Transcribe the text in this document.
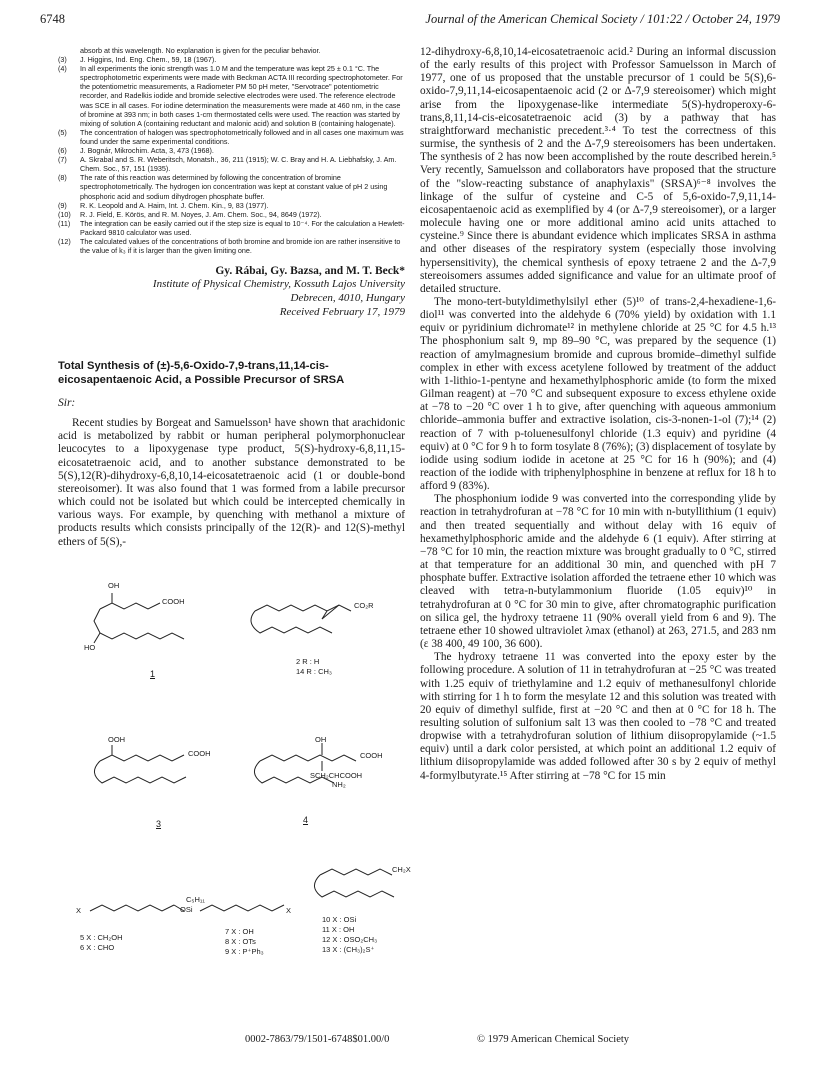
6748	Journal of the American Chemical Society / 101:22 / October 24, 1979

absorb at this wavelength. No explanation is given for the peculiar behavior.

(3) J. Higgins, Ind. Eng. Chem., 59, 18 (1967).

(4) In all experiments the ionic strength was 1.0 M and the temperature was kept 25 ± 0.1 °C. The spectrophotometric experiments were made with Beckman ACTA III recording spectrophotometer. For the potentiometric measurements, a Radiometer PM 50 pH meter, "Servotrace" potentiometric recorder, and Radelkis iodide and bromide selective electrodes were used. The reference electrode was SCE in all cases. For iodine determination the measurements were made at 460 nm, in the case of bromine at 393 nm; in both cases 1-cm thermostated cells were used. The reaction was started by mixing of solution A (containing reductant and malonic acid) and solution B (containing halogenate).

(5) The concentration of halogen was spectrophotometrically followed and in all cases one maximum was found under the same experimental conditions.

(6) J. Bognár, Mikrochim. Acta, 3, 473 (1968).

(7) A. Skrabal and S. R. Weberitsch, Monatsh., 36, 211 (1915); W. C. Bray and H. A. Liebhafsky, J. Am. Chem. Soc., 57, 151 (1935).

(8) The rate of this reaction was determined by following the concentration of bromine spectrophotometrically. The hydrogen ion concentration was kept at constant value of pH 2 using phosphoric acid and sodium dihydrogen phosphate buffer.

(9) R. K. Leopold and A. Haim, Int. J. Chem. Kin., 9, 83 (1977).

(10) R. J. Field, E. Körös, and R. M. Noyes, J. Am. Chem. Soc., 94, 8649 (1972).

(11) The integration can be easily carried out if the step size is equal to 10⁻⁴. For the calculation a Hewlett-Packard 9810 calculator was used.

(12) The calculated values of the concentrations of both bromine and bromide ion are rather insensitive to the value of k₃ if it is larger than the given limiting one.

Gy. Rábai, Gy. Bazsa, and M. T. Beck*
Institute of Physical Chemistry, Kossuth Lajos University
Debrecen, 4010, Hungary
Received February 17, 1979
Total Synthesis of (±)-5,6-Oxido-7,9-trans,11,14-cis-eicosapentaenoic Acid, a Possible Precursor of SRSA
Sir:

Recent studies by Borgeat and Samuelsson¹ have shown that arachidonic acid is metabolized by rabbit or human peripheral polymorphonuclear leucocytes to a lipoxygenase type product, 5(S)-hydroxy-6,8,11,15-eicosatetraenoic acid, and to another substance demonstrated to be 5(S),12(R)-dihydroxy-6,8,10,14-eicosatetraenoic acid (1 or double-bond stereoisomer). It was also found that 1 was formed from a labile precursor which could not be isolated but which could be intercepted chemically in various ways. For example, by quenching with methanol a mixture of products results which consists principally of the 12(R)- and 12(S)-methyl ethers of 5(S),-

OH
COOH
HO
1
CO₂R
2 R : H
14 R : CH₃
OOH
COOH
3
OH
COOH
SCH₂CHCOOH
NH₂
4
X	OSi
5 X : CH₂OH
6 X : CHO
C₅H₁₁
X
7 X : OH
8 X : OTs
9 X : P⁺Ph₃
CH₂X
10 X : OSi
11 X : OH
12 X : OSO₂CH₃
13 X : (CH₃)₂S⁺

12-dihydroxy-6,8,10,14-eicosatetraenoic acid.² During an informal discussion of the early results of this project with Professor Samuelsson in March of 1977, one of us proposed that the unstable precursor of 1 could be 5(S),6-oxido-7,9,11,14-eicosapentaenoic acid (2 or Δ-7,9 stereoisomer) which might arise from the lipoxygenase-like intermediate 5(S)-hydroperoxy-6-trans,8,11,14-cis-eicosatetraenoic acid (3) by a pathway that has straightforward mechanistic precedent.³·⁴ To test the correctness of this surmise, the synthesis of 2 and the Δ-7,9 stereoisomers has been undertaken. The synthesis of 2 has now been accomplished by the route described herein.⁵ Very recently, Samuelsson and collaborators have proposed that the structure of the "slow-reacting substance of anaphylaxis" (SRSA)⁶⁻⁸ involves the linkage of the sulfur of cysteine and C-5 of 5,6-oxido-7,9,11,14-eicosapentaenoic acid as exemplified by 4 (or Δ-7,9 stereoisomer), or a larger molecule having one or more additional amino acid units attached to cysteine.⁹ Since there is abundant evidence which implicates SRSA in asthma and other diseases of the respiratory system (especially those involving hypersensitivity), the chemical synthesis of epoxy tetraene 2 and the Δ-7,9 stereoisomers assumes added significance and value for an ultimate proof of detailed structure.

The mono-tert-butyldimethylsilyl ether (5)¹⁰ of trans-2,4-hexadiene-1,6-diol¹¹ was converted into the aldehyde 6 (70% yield) by oxidation with 1.1 equiv or pyridinium dichromate¹² in methylene chloride at 25 °C for 4.5 h.¹³ The phosphonium salt 9, mp 89–90 °C, was prepared by the sequence (1) reaction of amylmagnesium bromide and cuprous bromide–dimethyl sulfide complex in ether with excess acetylene followed by treatment of the adduct with 1-lithio-1-pentyne and hexamethylphosphoric amide (to form the mixed Gilman reagent) at −70 °C and subsequent exposure to excess ethylene oxide at −78 to −20 °C over 1 h to give, after quenching with aqueous ammonium chloride–ammonia buffer and extractive isolation, cis-3-nonen-1-ol (7);¹⁴ (2) reaction of 7 with p-toluenesulfonyl chloride (1.3 equiv) and pyridine (4 equiv) at 0 °C for 9 h to form tosylate 8 (76%); (3) displacement of tosylate by iodide using sodium iodide in acetone at 25 °C for 16 h (90%); and (4) reaction of the iodide with triphenylphosphine in benzene at reflux for 18 h to afford 9 (83%).

The phosphonium iodide 9 was converted into the corresponding ylide by reaction in tetrahydrofuran at −78 °C for 10 min with n-butyllithium (1 equiv) and then treated sequentially and without delay with 16 equiv of hexamethylphosphoric amide and the aldehyde 6 (1 equiv). After stirring at −78 °C for 10 min, the reaction mixture was brought gradually to 0 °C, stirred at that temperature for an additional 30 min, and quenched with pH 7 phosphate buffer. Extractive isolation afforded the tetraene ether 10 which was cleaved with tetra-n-butylammonium fluoride (1.05 equiv)¹⁰ in tetrahydrofuran at 0 °C for 30 min to give, after chromatographic purification on silica gel, the hydroxy tetraene 11 (90% overall yield from 6 and 9). The tetraene ether 10 showed ultraviolet λmax (ethanol) at 263, 271.5, and 283 nm (ε 38 400, 49 100, 36 600).

The hydroxy tetraene 11 was converted into the epoxy ester by the following procedure. A solution of 11 in tetrahydrofuran at −25 °C was treated with 1.25 equiv of triethylamine and 1.2 equiv of methanesulfonyl chloride with stirring for 1 h to form the mesylate 12 and this solution was treated with 20 equiv of dimethyl sulfide, first at −20 °C and then at 0 °C for 18 h. The resulting solution of sulfonium salt 13 was then cooled to −78 °C and treated dropwise with a tetrahydrofuran solution of lithium diisopropylamide (~1.5 equiv) until a dark color persisted, at which point an additional 1.2 equiv of lithium diisopropylamide was added followed after 30 s by 2 equiv of methyl 4-formylbutyrate.¹⁵ After stirring at −78 °C for 15 min

0002-7863/79/1501-6748$01.00/0	© 1979 American Chemical Society
